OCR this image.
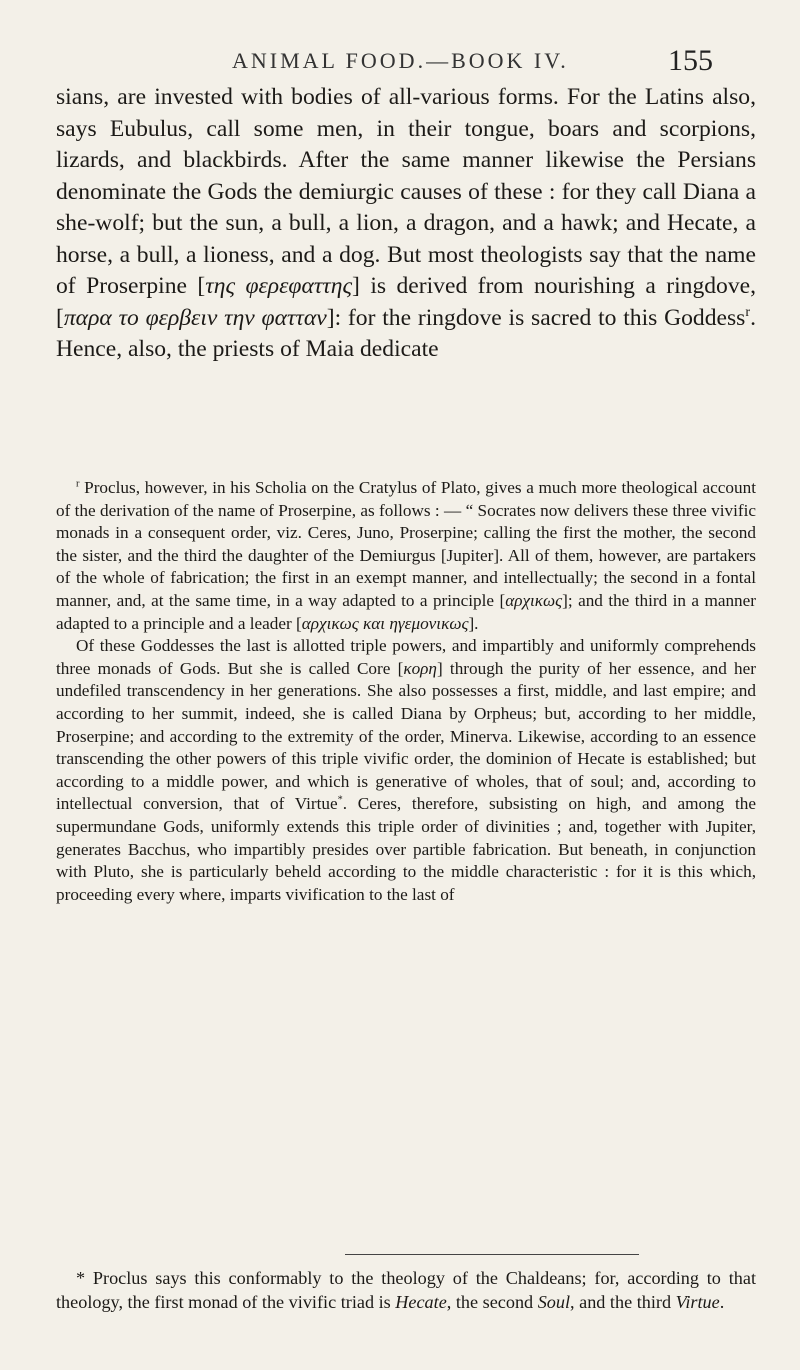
ANIMAL FOOD.—BOOK IV.	155

sians, are invested with bodies of all-various forms. For the Latins also, says Eubulus, call some men, in their tongue, boars and scorpions, lizards, and blackbirds. After the same manner likewise the Persians denominate the Gods the demiurgic causes of these : for they call Diana a she-wolf; but the sun, a bull, a lion, a dragon, and a hawk; and Hecate, a horse, a bull, a lioness, and a dog. But most theologists say that the name of Proserpine [της φερεφαττης] is derived from nourishing a ringdove, [παρα το φερβειν την φατταν]: for the ringdove is sacred to this Goddess$^r$. Hence, also, the priests of Maia dedicate

$^r$ Proclus, however, in his Scholia on the Cratylus of Plato, gives a much more theological account of the derivation of the name of Proserpine, as follows : — “ Socrates now delivers these three vivific monads in a consequent order, viz. Ceres, Juno, Proserpine; calling the first the mother, the second the sister, and the third the daughter of the Demiurgus [Jupiter]. All of them, however, are partakers of the whole of fabrication; the first in an exempt manner, and intellectually; the second in a fontal manner, and, at the same time, in a way adapted to a principle [αρχικως]; and the third in a manner adapted to a principle and a leader [αρχικως και ηγεμονικως].

Of these Goddesses the last is allotted triple powers, and impartibly and uniformly comprehends three monads of Gods. But she is called Core [κορη] through the purity of her essence, and her undefiled transcendency in her generations. She also possesses a first, middle, and last empire; and according to her summit, indeed, she is called Diana by Orpheus; but, according to her middle, Proserpine; and according to the extremity of the order, Minerva. Likewise, according to an essence transcending the other powers of this triple vivific order, the dominion of Hecate is established; but according to a middle power, and which is generative of wholes, that of soul; and, according to intellectual conversion, that of Virtue*. Ceres, therefore, subsisting on high, and among the supermundane Gods, uniformly extends this triple order of divinities ; and, together with Jupiter, generates Bacchus, who impartibly presides over partible fabrication. But beneath, in conjunction with Pluto, she is particularly beheld according to the middle characteristic : for it is this which, proceeding every where, imparts vivification to the last of

* Proclus says this conformably to the theology of the Chaldeans; for, according to that theology, the first monad of the vivific triad is Hecate, the second Soul, and the third Virtue.
